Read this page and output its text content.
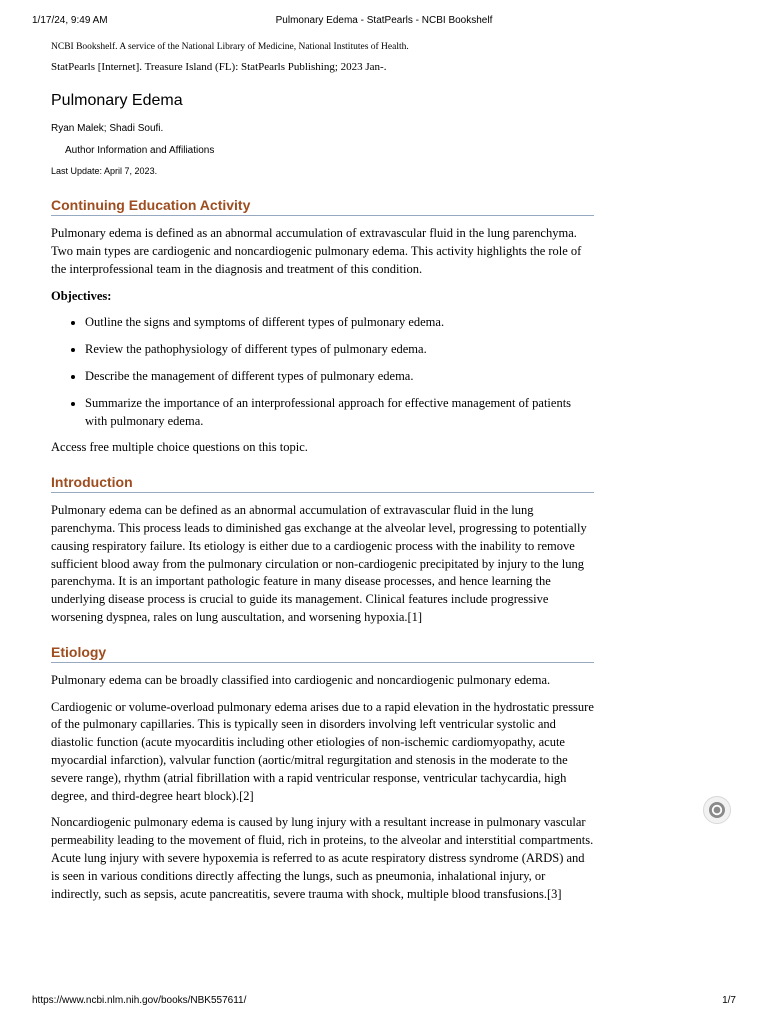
1/17/24, 9:49 AM	Pulmonary Edema - StatPearls - NCBI Bookshelf

NCBI Bookshelf. A service of the National Library of Medicine, National Institutes of Health.

StatPearls [Internet]. Treasure Island (FL): StatPearls Publishing; 2023 Jan-.

Pulmonary Edema

Ryan Malek; Shadi Soufi.

Author Information and Affiliations

Last Update: April 7, 2023.

Continuing Education Activity

Pulmonary edema is defined as an abnormal accumulation of extravascular fluid in the lung parenchyma. Two main types are cardiogenic and noncardiogenic pulmonary edema. This activity highlights the role of the interprofessional team in the diagnosis and treatment of this condition.

Objectives:

• Outline the signs and symptoms of different types of pulmonary edema.
• Review the pathophysiology of different types of pulmonary edema.
• Describe the management of different types of pulmonary edema.
• Summarize the importance of an interprofessional approach for effective management of patients with pulmonary edema.
Access free multiple choice questions on this topic.
Introduction

Pulmonary edema can be defined as an abnormal accumulation of extravascular fluid in the lung parenchyma. This process leads to diminished gas exchange at the alveolar level, progressing to potentially causing respiratory failure. Its etiology is either due to a cardiogenic process with the inability to remove sufficient blood away from the pulmonary circulation or non-cardiogenic precipitated by injury to the lung parenchyma. It is an important pathologic feature in many disease processes, and hence learning the underlying disease process is crucial to guide its management. Clinical features include progressive worsening dyspnea, rales on lung auscultation, and worsening hypoxia.[1]

Etiology

Pulmonary edema can be broadly classified into cardiogenic and noncardiogenic pulmonary edema.

Cardiogenic or volume-overload pulmonary edema arises due to a rapid elevation in the hydrostatic pressure of the pulmonary capillaries. This is typically seen in disorders involving left ventricular systolic and diastolic function (acute myocarditis including other etiologies of non-ischemic cardiomyopathy, acute myocardial infarction), valvular function (aortic/mitral regurgitation and stenosis in the moderate to the severe range), rhythm (atrial fibrillation with a rapid ventricular response, ventricular tachycardia, high degree, and third-degree heart block).[2]

Noncardiogenic pulmonary edema is caused by lung injury with a resultant increase in pulmonary vascular permeability leading to the movement of fluid, rich in proteins, to the alveolar and interstitial compartments. Acute lung injury with severe hypoxemia is referred to as acute respiratory distress syndrome (ARDS) and is seen in various conditions directly affecting the lungs, such as pneumonia, inhalational injury, or indirectly, such as sepsis, acute pancreatitis, severe trauma with shock, multiple blood transfusions.[3]

https://www.ncbi.nlm.nih.gov/books/NBK557611/	1/7
